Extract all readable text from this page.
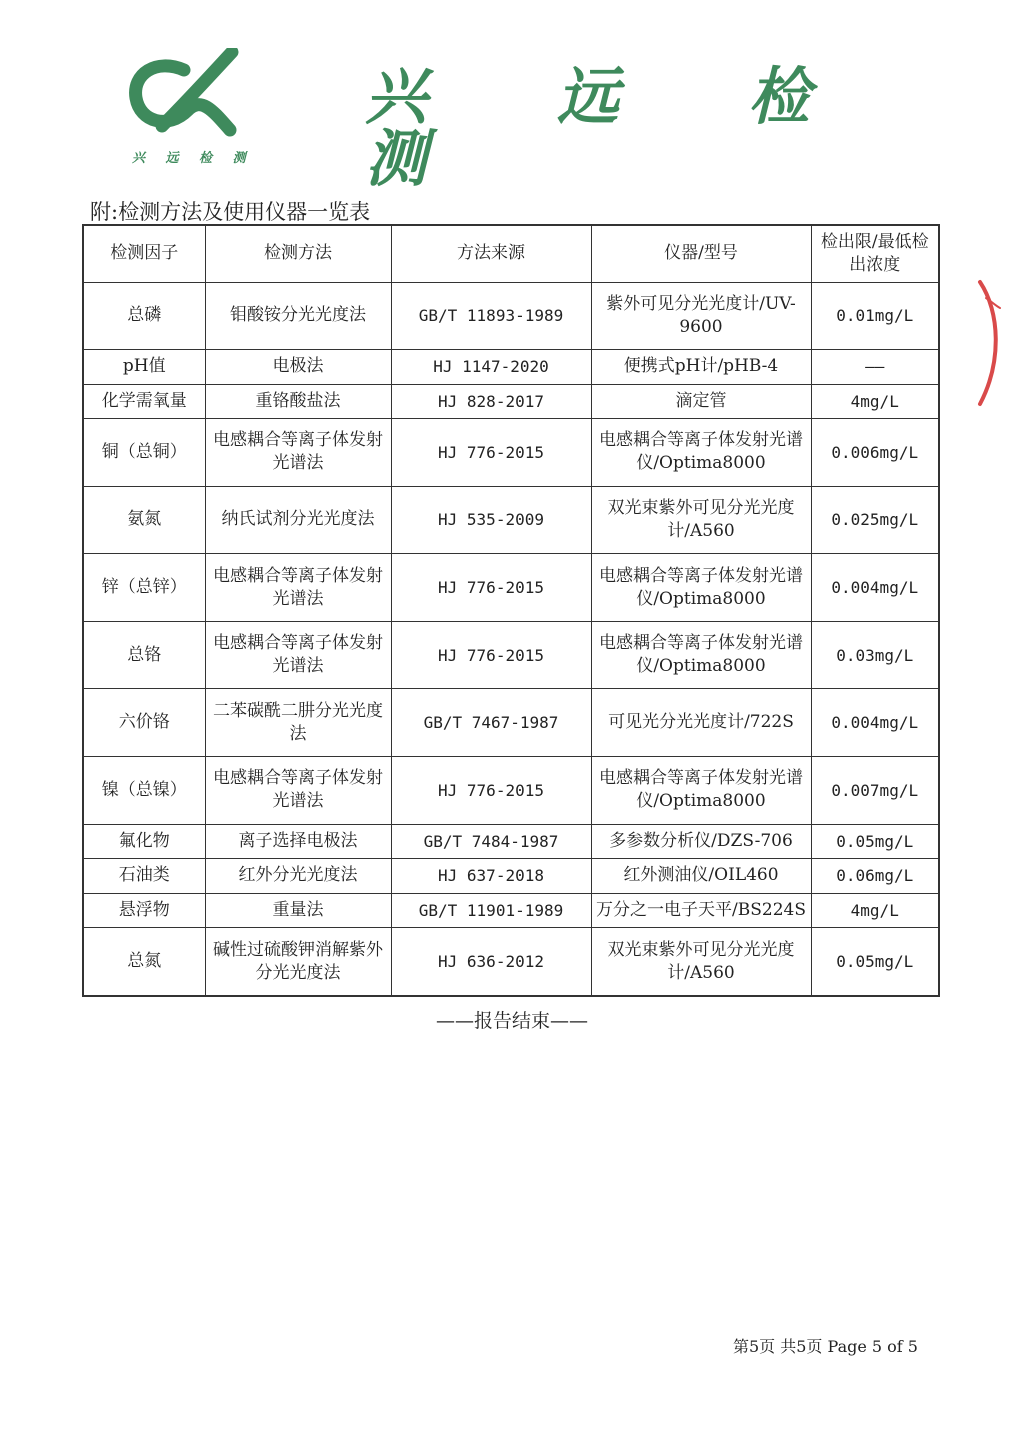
兴 远 检 测
兴 远 检 测
附:检测方法及使用仪器一览表
检测因子	检测方法	方法来源	仪器/型号	检出限/最低检出浓度
总磷	钼酸铵分光光度法	GB/T 11893-1989	紫外可见分光光度计/UV-9600	0.01mg/L
pH值	电极法	HJ 1147-2020	便携式pH计/pHB-4	——
化学需氧量	重铬酸盐法	HJ 828-2017	滴定管	4mg/L
铜（总铜）	电感耦合等离子体发射光谱法	HJ 776-2015	电感耦合等离子体发射光谱仪/Optima8000	0.006mg/L
氨氮	纳氏试剂分光光度法	HJ 535-2009	双光束紫外可见分光光度计/A560	0.025mg/L
锌（总锌）	电感耦合等离子体发射光谱法	HJ 776-2015	电感耦合等离子体发射光谱仪/Optima8000	0.004mg/L
总铬	电感耦合等离子体发射光谱法	HJ 776-2015	电感耦合等离子体发射光谱仪/Optima8000	0.03mg/L
六价铬	二苯碳酰二肼分光光度法	GB/T 7467-1987	可见光分光光度计/722S	0.004mg/L
镍（总镍）	电感耦合等离子体发射光谱法	HJ 776-2015	电感耦合等离子体发射光谱仪/Optima8000	0.007mg/L
氟化物	离子选择电极法	GB/T 7484-1987	多参数分析仪/DZS-706	0.05mg/L
石油类	红外分光光度法	HJ 637-2018	红外测油仪/OIL460	0.06mg/L
悬浮物	重量法	GB/T 11901-1989	万分之一电子天平/BS224S	4mg/L
总氮	碱性过硫酸钾消解紫外分光光度法	HJ 636-2012	双光束紫外可见分光光度计/A560	0.05mg/L
——报告结束——
第5页 共5页 Page 5 of 5
